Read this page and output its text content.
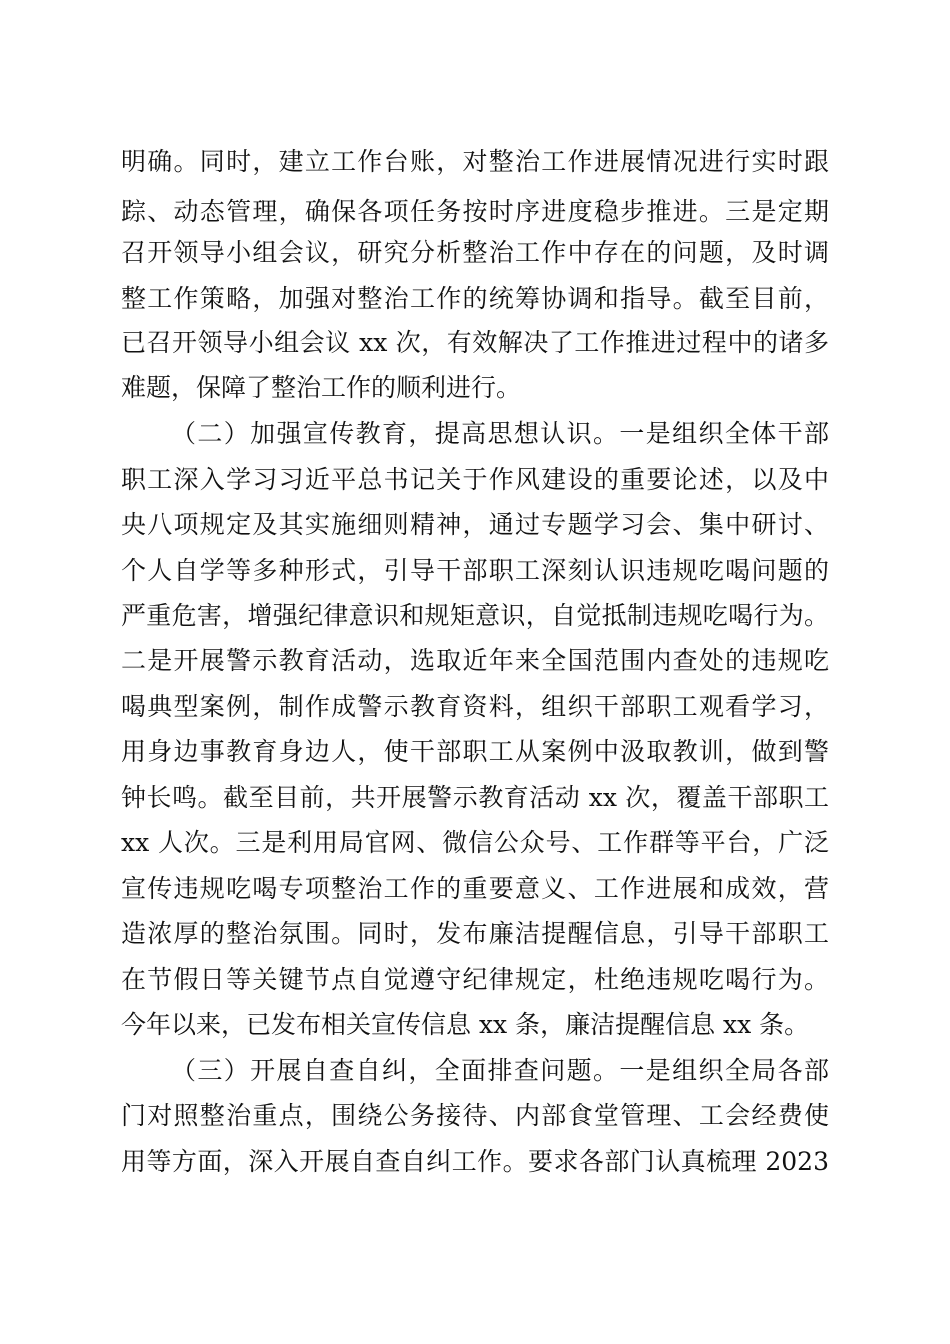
明确。同时，建立工作台账，对整治工作进展情况进行实时跟
踪、动态管理，确保各项任务按时序进度稳步推进。三是定期
召开领导小组会议，研究分析整治工作中存在的问题，及时调
整工作策略，加强对整治工作的统筹协调和指导。截至目前，
已召开领导小组会议 xx 次，有效解决了工作推进过程中的诸多
难题，保障了整治工作的顺利进行。
（二）加强宣传教育，提高思想认识。一是组织全体干部
职工深入学习习近平总书记关于作风建设的重要论述，以及中
央八项规定及其实施细则精神，通过专题学习会、集中研讨、
个人自学等多种形式，引导干部职工深刻认识违规吃喝问题的
严重危害，增强纪律意识和规矩意识，自觉抵制违规吃喝行为。
二是开展警示教育活动，选取近年来全国范围内查处的违规吃
喝典型案例，制作成警示教育资料，组织干部职工观看学习，
用身边事教育身边人，使干部职工从案例中汲取教训，做到警
钟长鸣。截至目前，共开展警示教育活动 xx 次，覆盖干部职工
xx 人次。三是利用局官网、微信公众号、工作群等平台，广泛
宣传违规吃喝专项整治工作的重要意义、工作进展和成效，营
造浓厚的整治氛围。同时，发布廉洁提醒信息，引导干部职工
在节假日等关键节点自觉遵守纪律规定，杜绝违规吃喝行为。
今年以来，已发布相关宣传信息 xx 条，廉洁提醒信息 xx 条。
（三）开展自查自纠，全面排查问题。一是组织全局各部
门对照整治重点，围绕公务接待、内部食堂管理、工会经费使
用等方面，深入开展自查自纠工作。要求各部门认真梳理 2023
